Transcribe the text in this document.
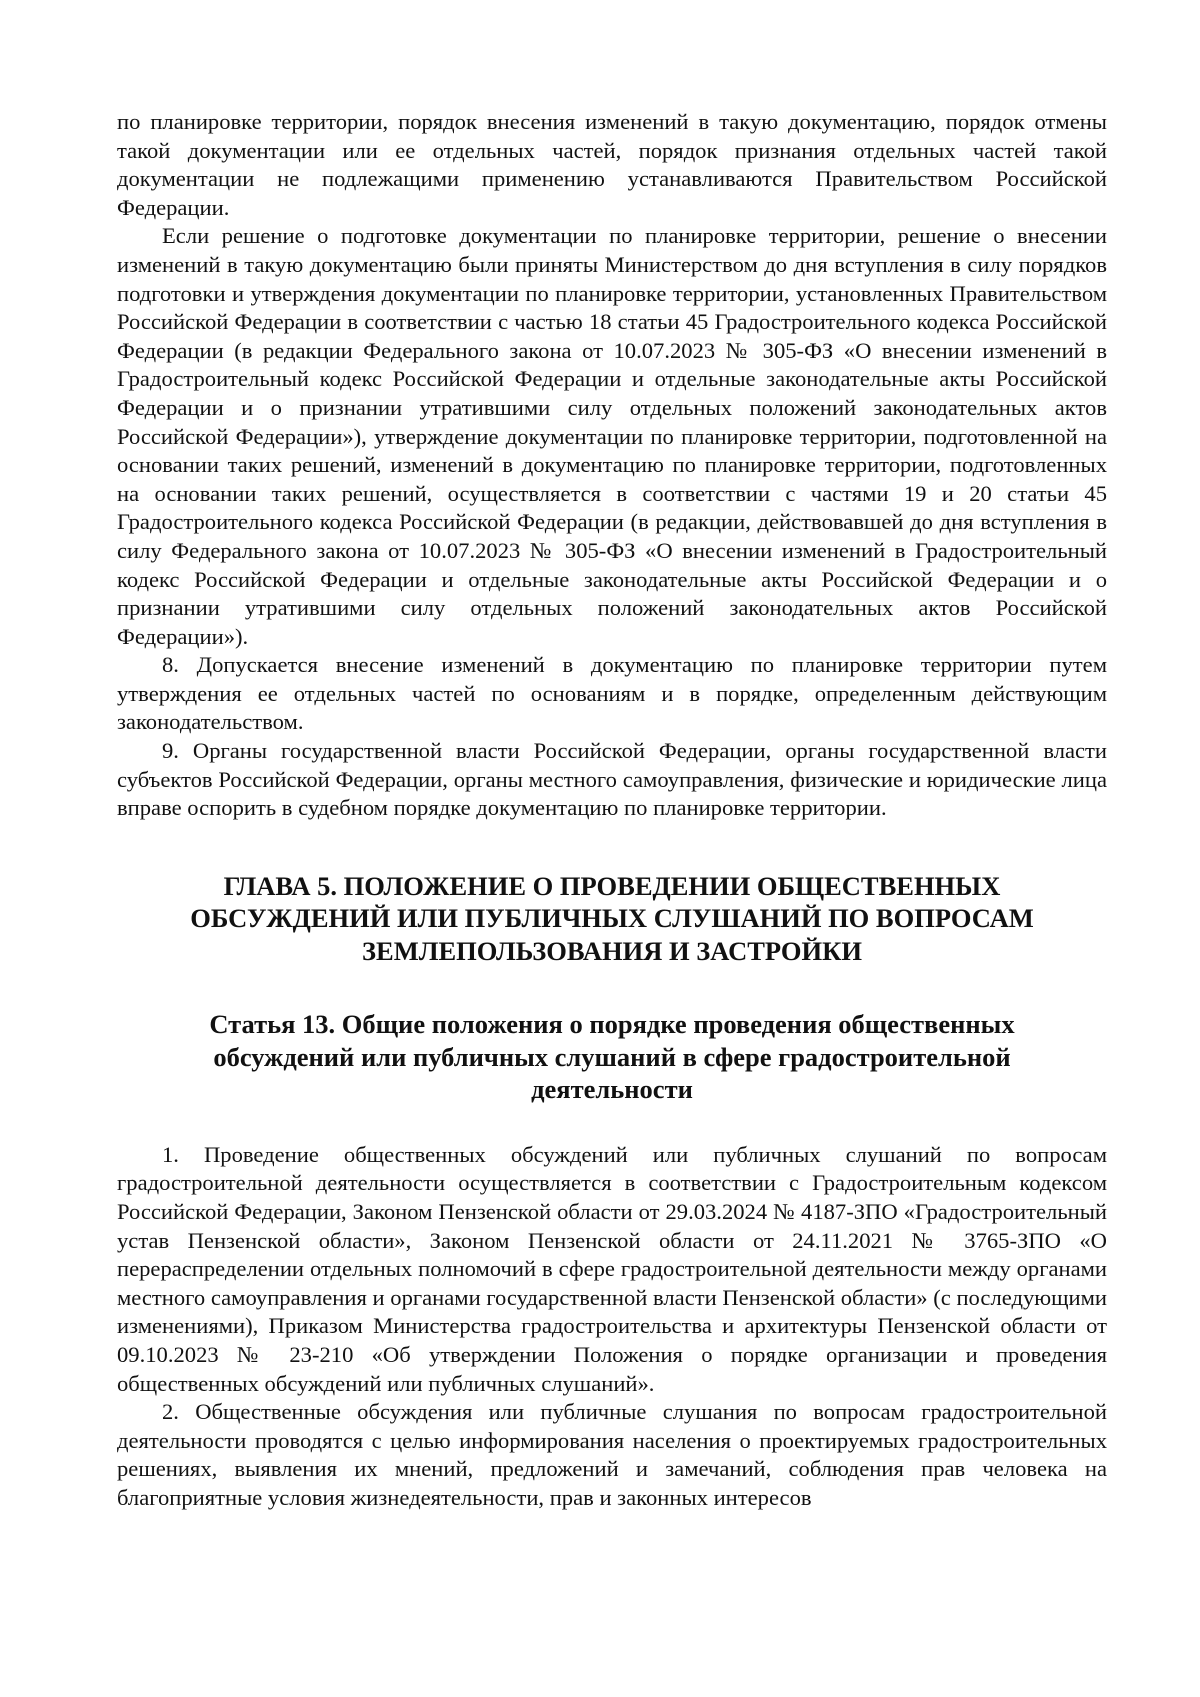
по планировке территории, порядок внесения изменений в такую документацию, порядок отмены такой документации или ее отдельных частей, порядок признания отдельных частей такой документации не подлежащими применению устанавливаются Правительством Российской Федерации.

Если решение о подготовке документации по планировке территории, решение о внесении изменений в такую документацию были приняты Министерством до дня вступления в силу порядков подготовки и утверждения документации по планировке территории, установленных Правительством Российской Федерации в соответствии с частью 18 статьи 45 Градостроительного кодекса Российской Федерации (в редакции Федерального закона от 10.07.2023 № 305-ФЗ «О внесении изменений в Градостроительный кодекс Российской Федерации и отдельные законодательные акты Российской Федерации и о признании утратившими силу отдельных положений законодательных актов Российской Федерации»), утверждение документации по планировке территории, подготовленной на основании таких решений, изменений в документацию по планировке территории, подготовленных на основании таких решений, осуществляется в соответствии с частями 19 и 20 статьи 45 Градостроительного кодекса Российской Федерации (в редакции, действовавшей до дня вступления в силу Федерального закона от 10.07.2023 № 305-ФЗ «О внесении изменений в Градостроительный кодекс Российской Федерации и отдельные законодательные акты Российской Федерации и о признании утратившими силу отдельных положений законодательных актов Российской Федерации»).

8. Допускается внесение изменений в документацию по планировке территории путем утверждения ее отдельных частей по основаниям и в порядке, определенным действующим законодательством.

9. Органы государственной власти Российской Федерации, органы государственной власти субъектов Российской Федерации, органы местного самоуправления, физические и юридические лица вправе оспорить в судебном порядке документацию по планировке территории.

ГЛАВА 5. ПОЛОЖЕНИЕ О ПРОВЕДЕНИИ ОБЩЕСТВЕННЫХ
ОБСУЖДЕНИЙ ИЛИ ПУБЛИЧНЫХ СЛУШАНИЙ ПО ВОПРОСАМ
ЗЕМЛЕПОЛЬЗОВАНИЯ И ЗАСТРОЙКИ
Статья 13. Общие положения о порядке проведения общественных
обсуждений или публичных слушаний в сфере градостроительной
деятельности

1. Проведение общественных обсуждений или публичных слушаний по вопросам градостроительной деятельности осуществляется в соответствии с Градостроительным кодексом Российской Федерации, Законом Пензенской области от 29.03.2024 № 4187-ЗПО «Градостроительный устав Пензенской области», Законом Пензенской области от 24.11.2021 № 3765-ЗПО «О перераспределении отдельных полномочий в сфере градостроительной деятельности между органами местного самоуправления и органами государственной власти Пензенской области» (с последующими изменениями), Приказом Министерства градостроительства и архитектуры Пензенской области от 09.10.2023 № 23-210 «Об утверждении Положения о порядке организации и проведения общественных обсуждений или публичных слушаний».

2. Общественные обсуждения или публичные слушания по вопросам градостроительной деятельности проводятся с целью информирования населения о проектируемых градостроительных решениях, выявления их мнений, предложений и замечаний, соблюдения прав человека на благоприятные условия жизнедеятельности, прав и законных интересов
